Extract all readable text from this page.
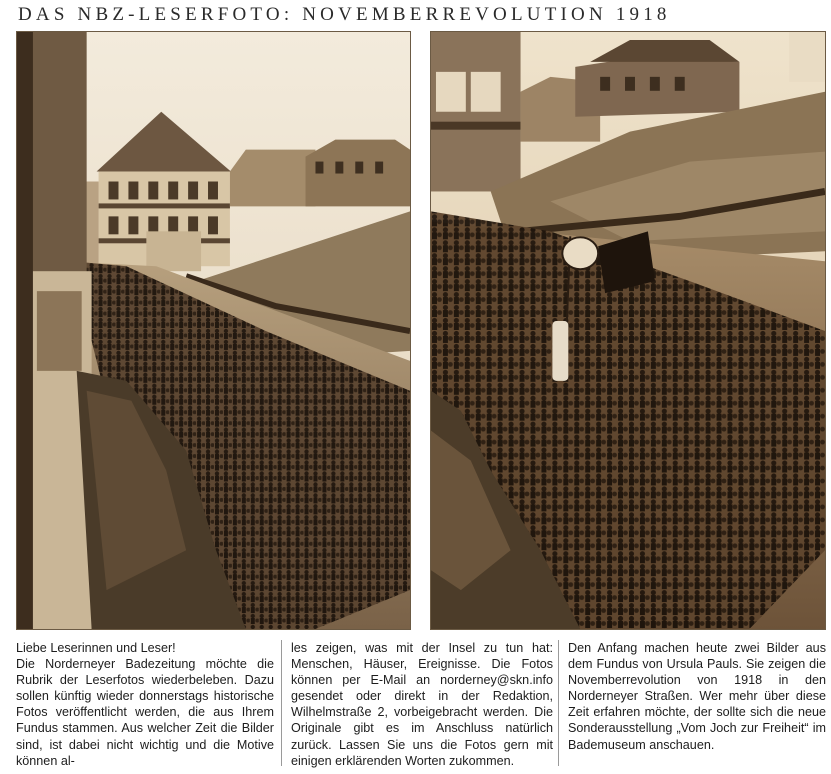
DAS NBZ-LESERFOTO: NOVEMBERREVOLUTION 1918

Liebe Leserinnen und Leser!

Die Norderneyer Badezeitung möchte die Rubrik der Leserfotos wiederbeleben. Dazu sollen künftig wieder donnerstags historische Fotos veröffentlicht werden, die aus Ihrem Fundus stammen. Aus welcher Zeit die Bilder sind, ist dabei nicht wichtig und die Motive können al-

les zeigen, was mit der Insel zu tun hat: Menschen, Häuser, Ereignisse. Die Fotos können per E-Mail an norderney@skn.info gesendet oder direkt in der Redaktion, Wilhelmstraße 2, vorbeigebracht werden. Die Originale gibt es im Anschluss natürlich zurück. Lassen Sie uns die Fotos gern mit einigen erklärenden Worten zukommen.

Den Anfang machen heute zwei Bilder aus dem Fundus von Ursula Pauls. Sie zeigen die Novemberrevolution von 1918 in den Norderneyer Straßen. Wer mehr über diese Zeit erfahren möchte, der sollte sich die neue Sonderausstellung „Vom Joch zur Freiheit“ im Bademuseum anschauen.
